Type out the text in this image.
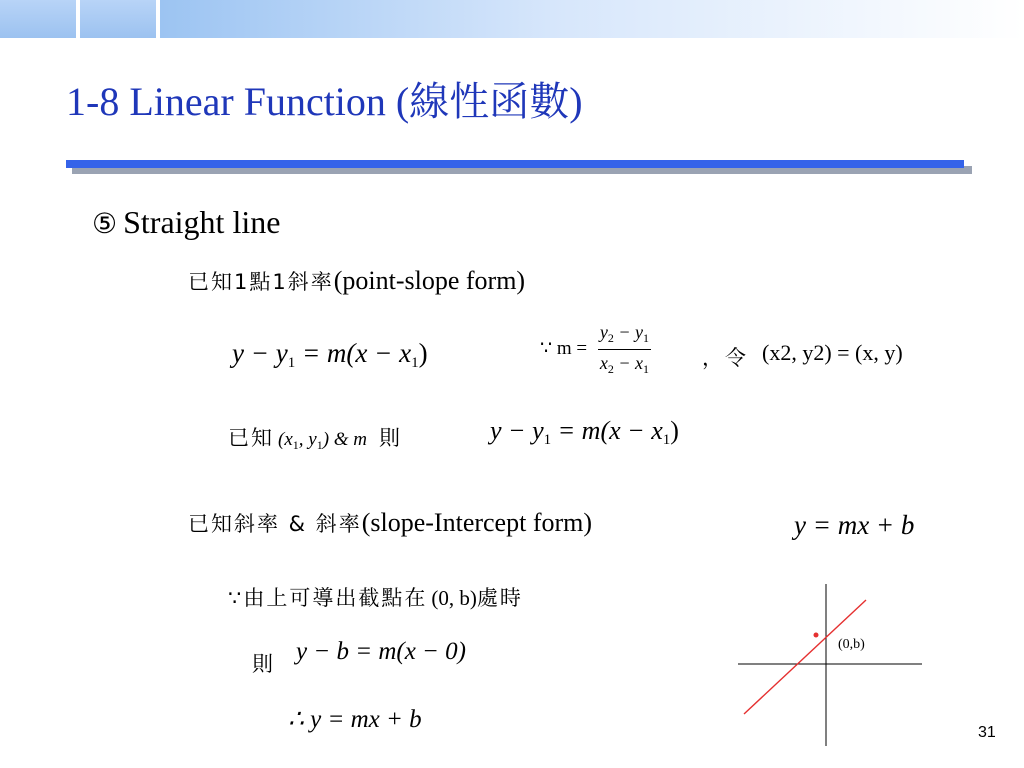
1-8 Linear Function (線性函數)
⑤ Straight line
已知1點1斜率(point-slope form)
$y - y_1 = m(x - x_1)$	∵ $m = \frac{y_2 - y_1}{x_2 - x_1}$ ，令 (x2, y2) = (x, y)
已知 ($x_1$, $y_1$) & m 則	$y - y_1 = m(x - x_1)$
已知斜率 & 斜率(slope-Intercept form)	y = mx + b
∵由上可導出截點在 (0, b)處時
則 y − b = m(x − 0)
∴ y = mx + b
(0,b)
31
